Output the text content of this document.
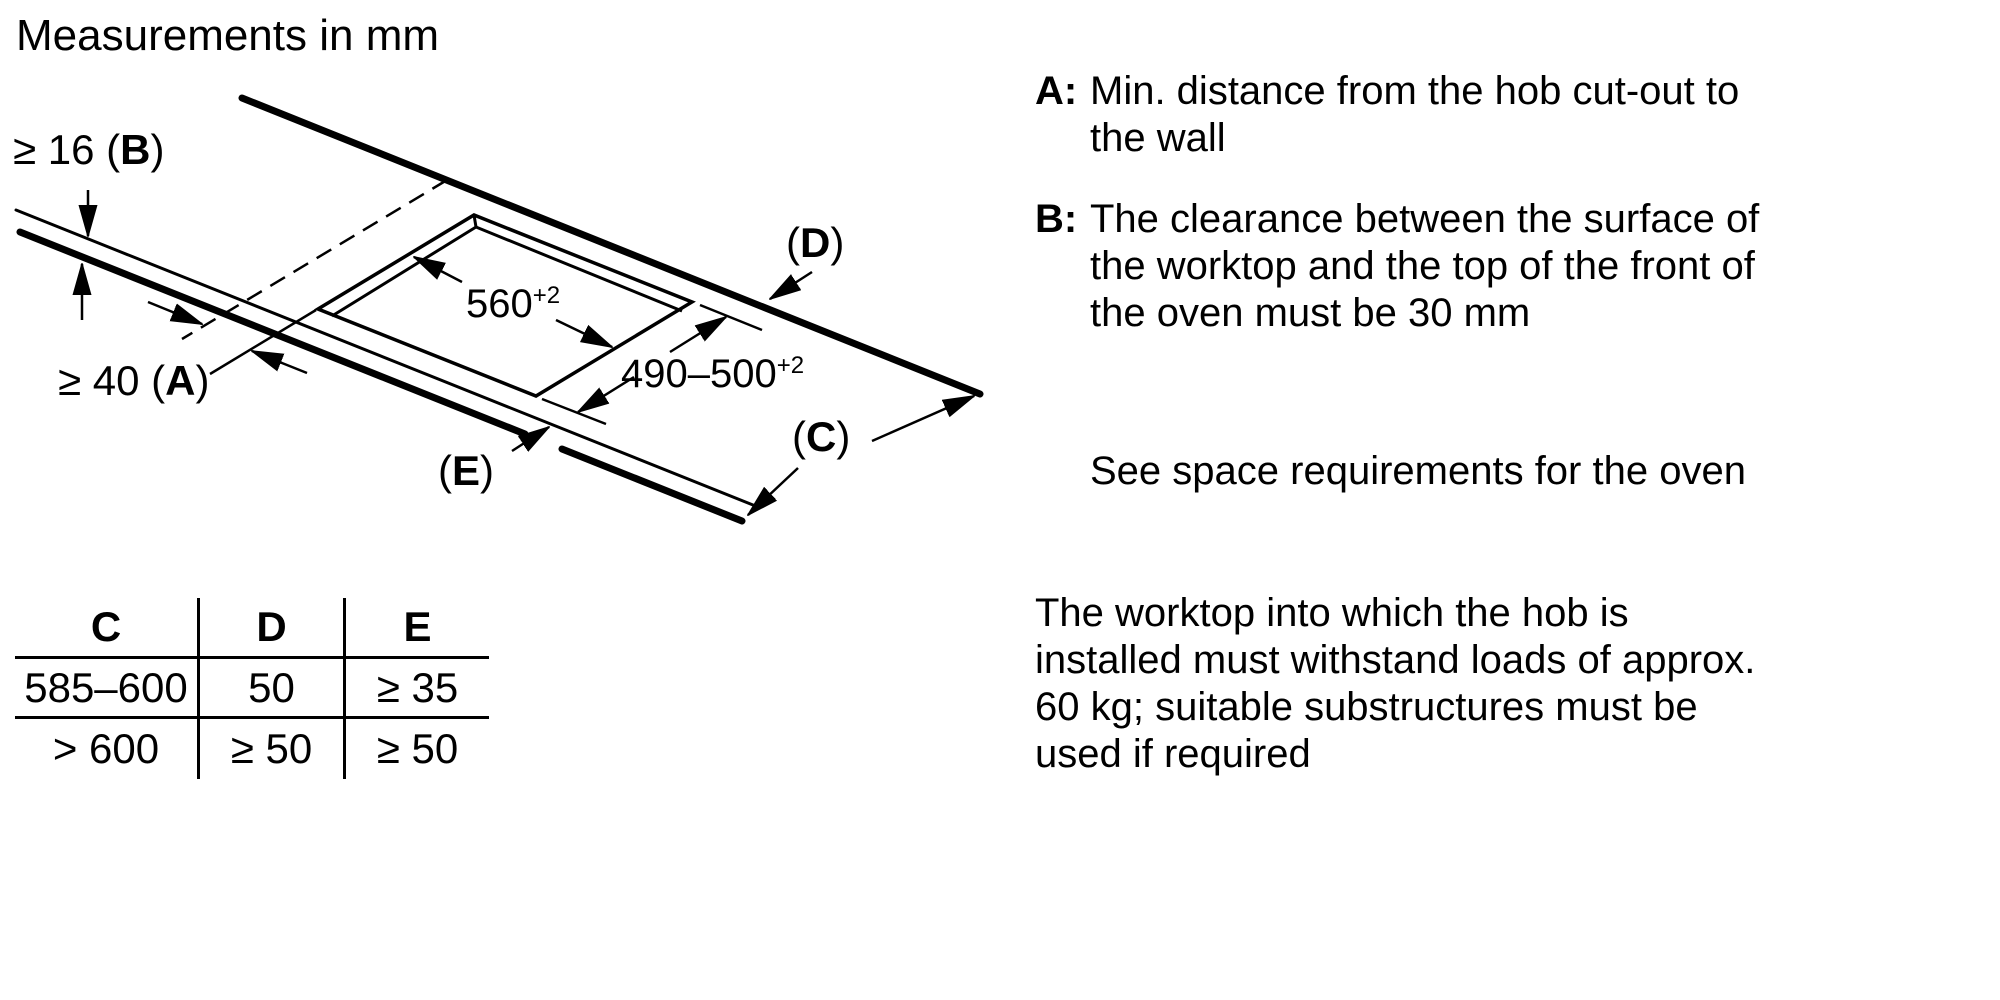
Measurements in mm
≥ 16 (B)
≥ 40 (A)
(D)
(C)
(E)
$560^{+2}$
$490-500^{+2}$
C	D	E
585–600	50	≥ 35
> 600	≥ 50	≥ 50
A: Min. distance from the hob cut-out to the wall
B: The clearance between the surface of the worktop and the top of the front of the oven must be 30 mm
See space requirements for the oven
The worktop into which the hob is installed must withstand loads of approx. 60 kg; suitable substructures must be used if required
